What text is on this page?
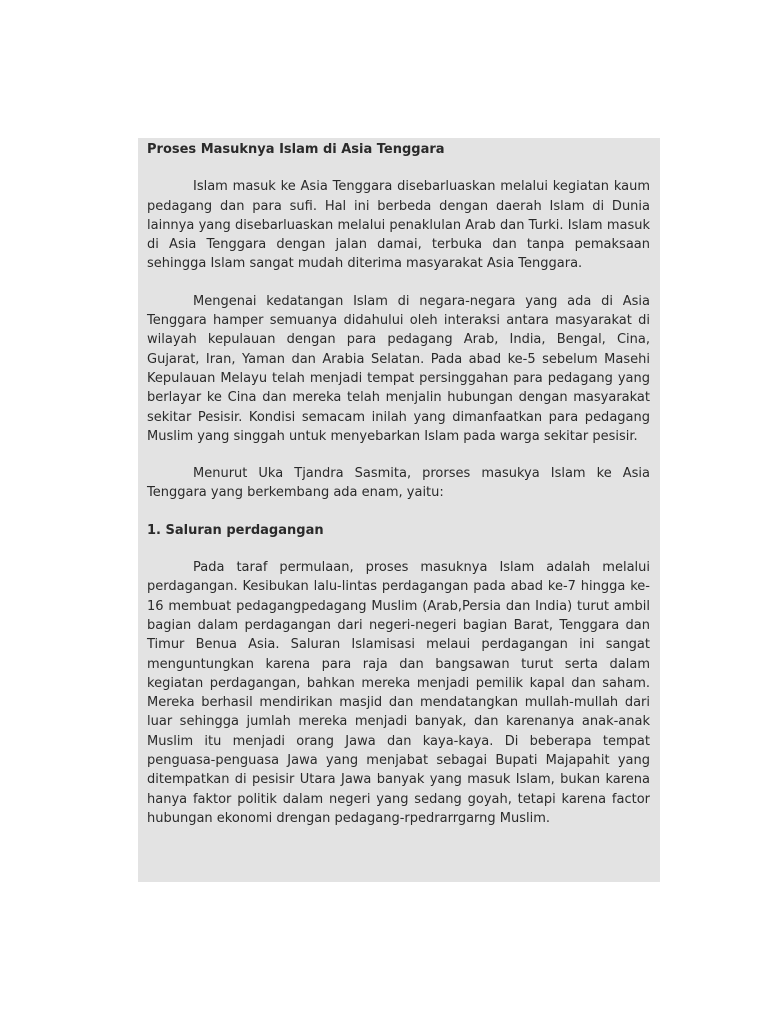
Proses Masuknya Islam di Asia Tenggara

Islam masuk ke Asia Tenggara disebarluaskan melalui kegiatan kaum pedagang dan para sufi. Hal ini berbeda dengan daerah Islam di Dunia lainnya yang disebarluaskan melalui penaklulan Arab dan Turki. Islam masuk di Asia Tenggara dengan jalan damai, terbuka dan tanpa pemaksaan sehingga Islam sangat mudah diterima masyarakat Asia Tenggara.

Mengenai kedatangan Islam di negara-negara yang ada di Asia Tenggara hamper semuanya didahului oleh interaksi antara masyarakat di wilayah kepulauan dengan para pedagang Arab, India, Bengal, Cina, Gujarat, Iran, Yaman dan Arabia Selatan. Pada abad ke-5 sebelum Masehi Kepulauan Melayu telah menjadi tempat persinggahan para pedagang yang berlayar ke Cina dan mereka telah menjalin hubungan dengan masyarakat sekitar Pesisir. Kondisi semacam inilah yang dimanfaatkan para pedagang Muslim yang singgah untuk menyebarkan Islam pada warga sekitar pesisir.

Menurut Uka Tjandra Sasmita, prorses masukya Islam ke Asia Tenggara yang berkembang ada enam, yaitu:

1. Saluran perdagangan

Pada taraf permulaan, proses masuknya Islam adalah melalui perdagangan. Kesibukan lalu-lintas perdagangan pada abad ke-7 hingga ke-16 membuat pedagangpedagang Muslim (Arab,Persia dan India) turut ambil bagian dalam perdagangan dari negeri-negeri bagian Barat, Tenggara dan Timur Benua Asia. Saluran Islamisasi melaui perdagangan ini sangat menguntungkan karena para raja dan bangsawan turut serta dalam kegiatan perdagangan, bahkan mereka menjadi pemilik kapal dan saham. Mereka berhasil mendirikan masjid dan mendatangkan mullah-mullah dari luar sehingga jumlah mereka menjadi banyak, dan karenanya anak-anak Muslim itu menjadi orang Jawa dan kaya-kaya. Di beberapa tempat penguasa-penguasa Jawa yang menjabat sebagai Bupati Majapahit yang ditempatkan di pesisir Utara Jawa banyak yang masuk Islam, bukan karena hanya faktor politik dalam negeri yang sedang goyah, tetapi karena factor hubungan ekonomi drengan pedagang-rpedrarrgarng Muslim.
